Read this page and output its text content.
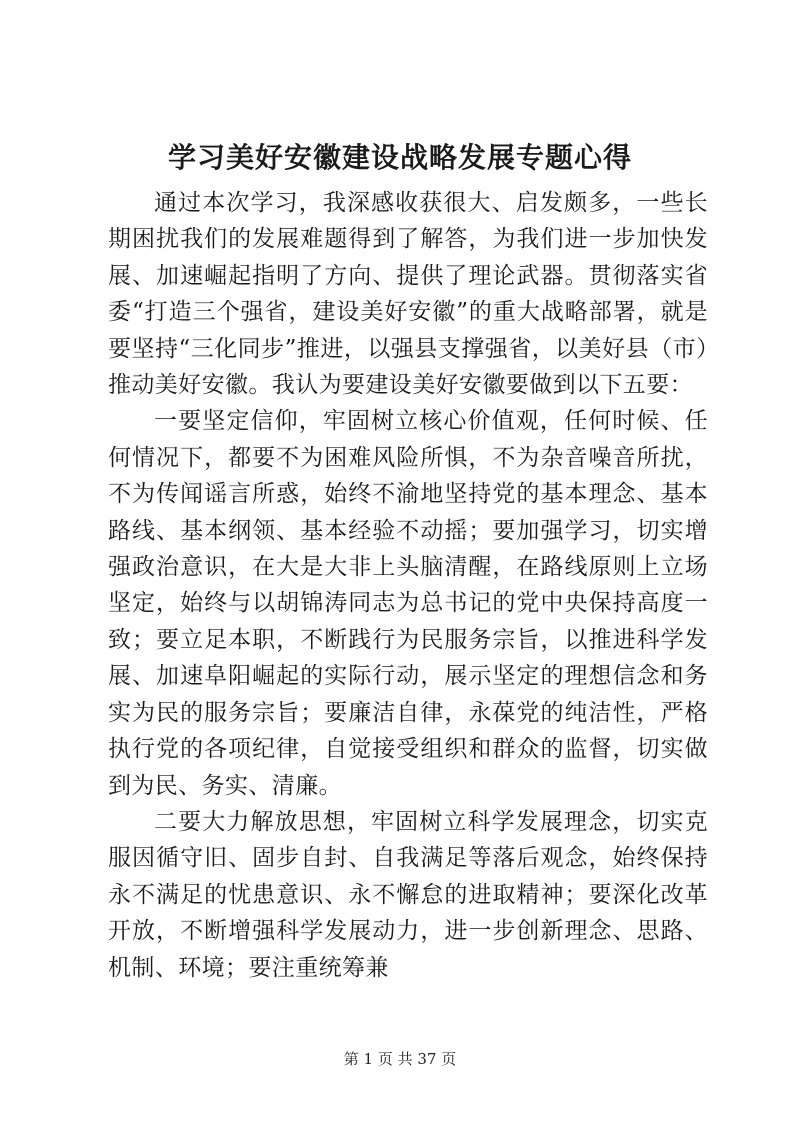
学习美好安徽建设战略发展专题心得

通过本次学习，我深感收获很大、启发颇多，一些长期困扰我们的发展难题得到了解答，为我们进一步加快发展、加速崛起指明了方向、提供了理论武器。贯彻落实省委“打造三个强省，建设美好安徽”的重大战略部署，就是要坚持“三化同步”推进，以强县支撑强省，以美好县（市）推动美好安徽。我认为要建设美好安徽要做到以下五要：

一要坚定信仰，牢固树立核心价值观，任何时候、任何情况下，都要不为困难风险所惧，不为杂音噪音所扰，不为传闻谣言所惑，始终不渝地坚持党的基本理念、基本路线、基本纲领、基本经验不动摇；要加强学习，切实增强政治意识，在大是大非上头脑清醒，在路线原则上立场坚定，始终与以胡锦涛同志为总书记的党中央保持高度一致；要立足本职，不断践行为民服务宗旨，以推进科学发展、加速阜阳崛起的实际行动，展示坚定的理想信念和务实为民的服务宗旨；要廉洁自律，永葆党的纯洁性，严格执行党的各项纪律，自觉接受组织和群众的监督，切实做到为民、务实、清廉。

二要大力解放思想，牢固树立科学发展理念，切实克服因循守旧、固步自封、自我满足等落后观念，始终保持永不满足的忧患意识、永不懈怠的进取精神；要深化改革开放，不断增强科学发展动力，进一步创新理念、思路、机制、环境；要注重统筹兼

第 1 页 共 37 页
